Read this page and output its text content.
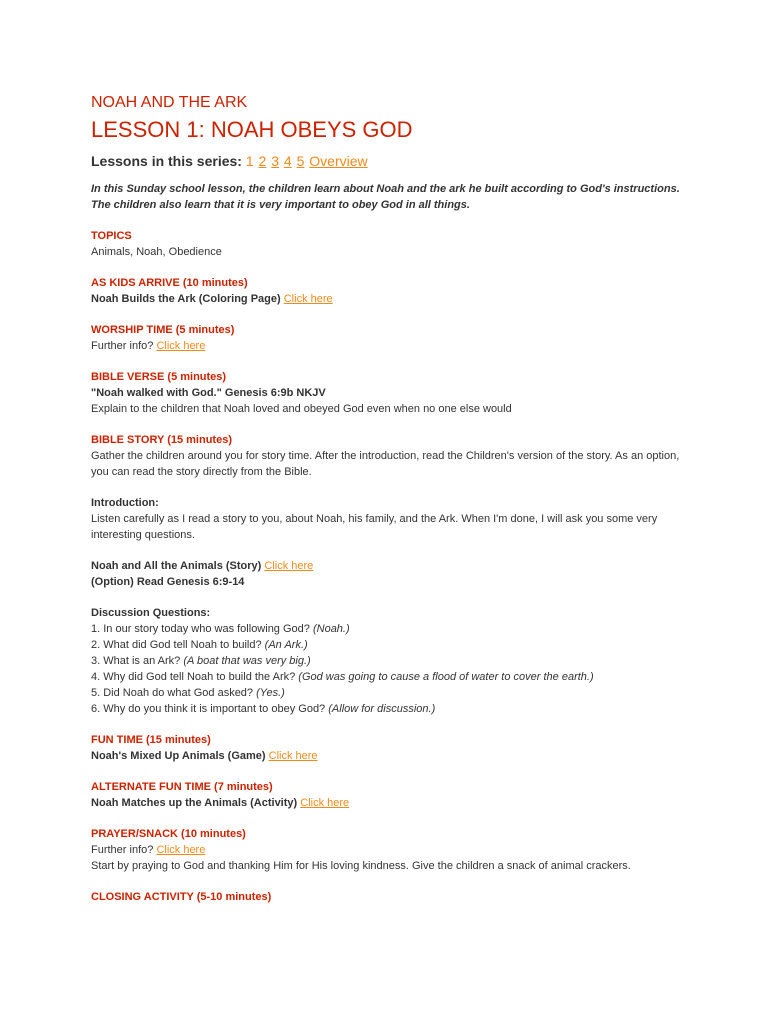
NOAH AND THE ARK
LESSON 1: NOAH OBEYS GOD
Lessons in this series: 1 2 3 4 5 Overview
In this Sunday school lesson, the children learn about Noah and the ark he built according to God's instructions. The children also learn that it is very important to obey God in all things.
TOPICS
Animals, Noah, Obedience
AS KIDS ARRIVE (10 minutes)
Noah Builds the Ark (Coloring Page) Click here
WORSHIP TIME (5 minutes)
Further info? Click here
BIBLE VERSE (5 minutes)
"Noah walked with God." Genesis 6:9b NKJV
Explain to the children that Noah loved and obeyed God even when no one else would
BIBLE STORY (15 minutes)
Gather the children around you for story time. After the introduction, read the Children's version of the story. As an option, you can read the story directly from the Bible.
Introduction:
Listen carefully as I read a story to you, about Noah, his family, and the Ark. When I'm done, I will ask you some very interesting questions.
Noah and All the Animals (Story) Click here
(Option) Read Genesis 6:9-14
Discussion Questions:
1. In our story today who was following God? (Noah.)
2. What did God tell Noah to build? (An Ark.)
3. What is an Ark? (A boat that was very big.)
4. Why did God tell Noah to build the Ark? (God was going to cause a flood of water to cover the earth.)
5. Did Noah do what God asked? (Yes.)
6. Why do you think it is important to obey God? (Allow for discussion.)
FUN TIME (15 minutes)
Noah's Mixed Up Animals (Game) Click here
ALTERNATE FUN TIME (7 minutes)
Noah Matches up the Animals (Activity) Click here
PRAYER/SNACK (10 minutes)
Further info? Click here
Start by praying to God and thanking Him for His loving kindness. Give the children a snack of animal crackers.
CLOSING ACTIVITY (5-10 minutes)
